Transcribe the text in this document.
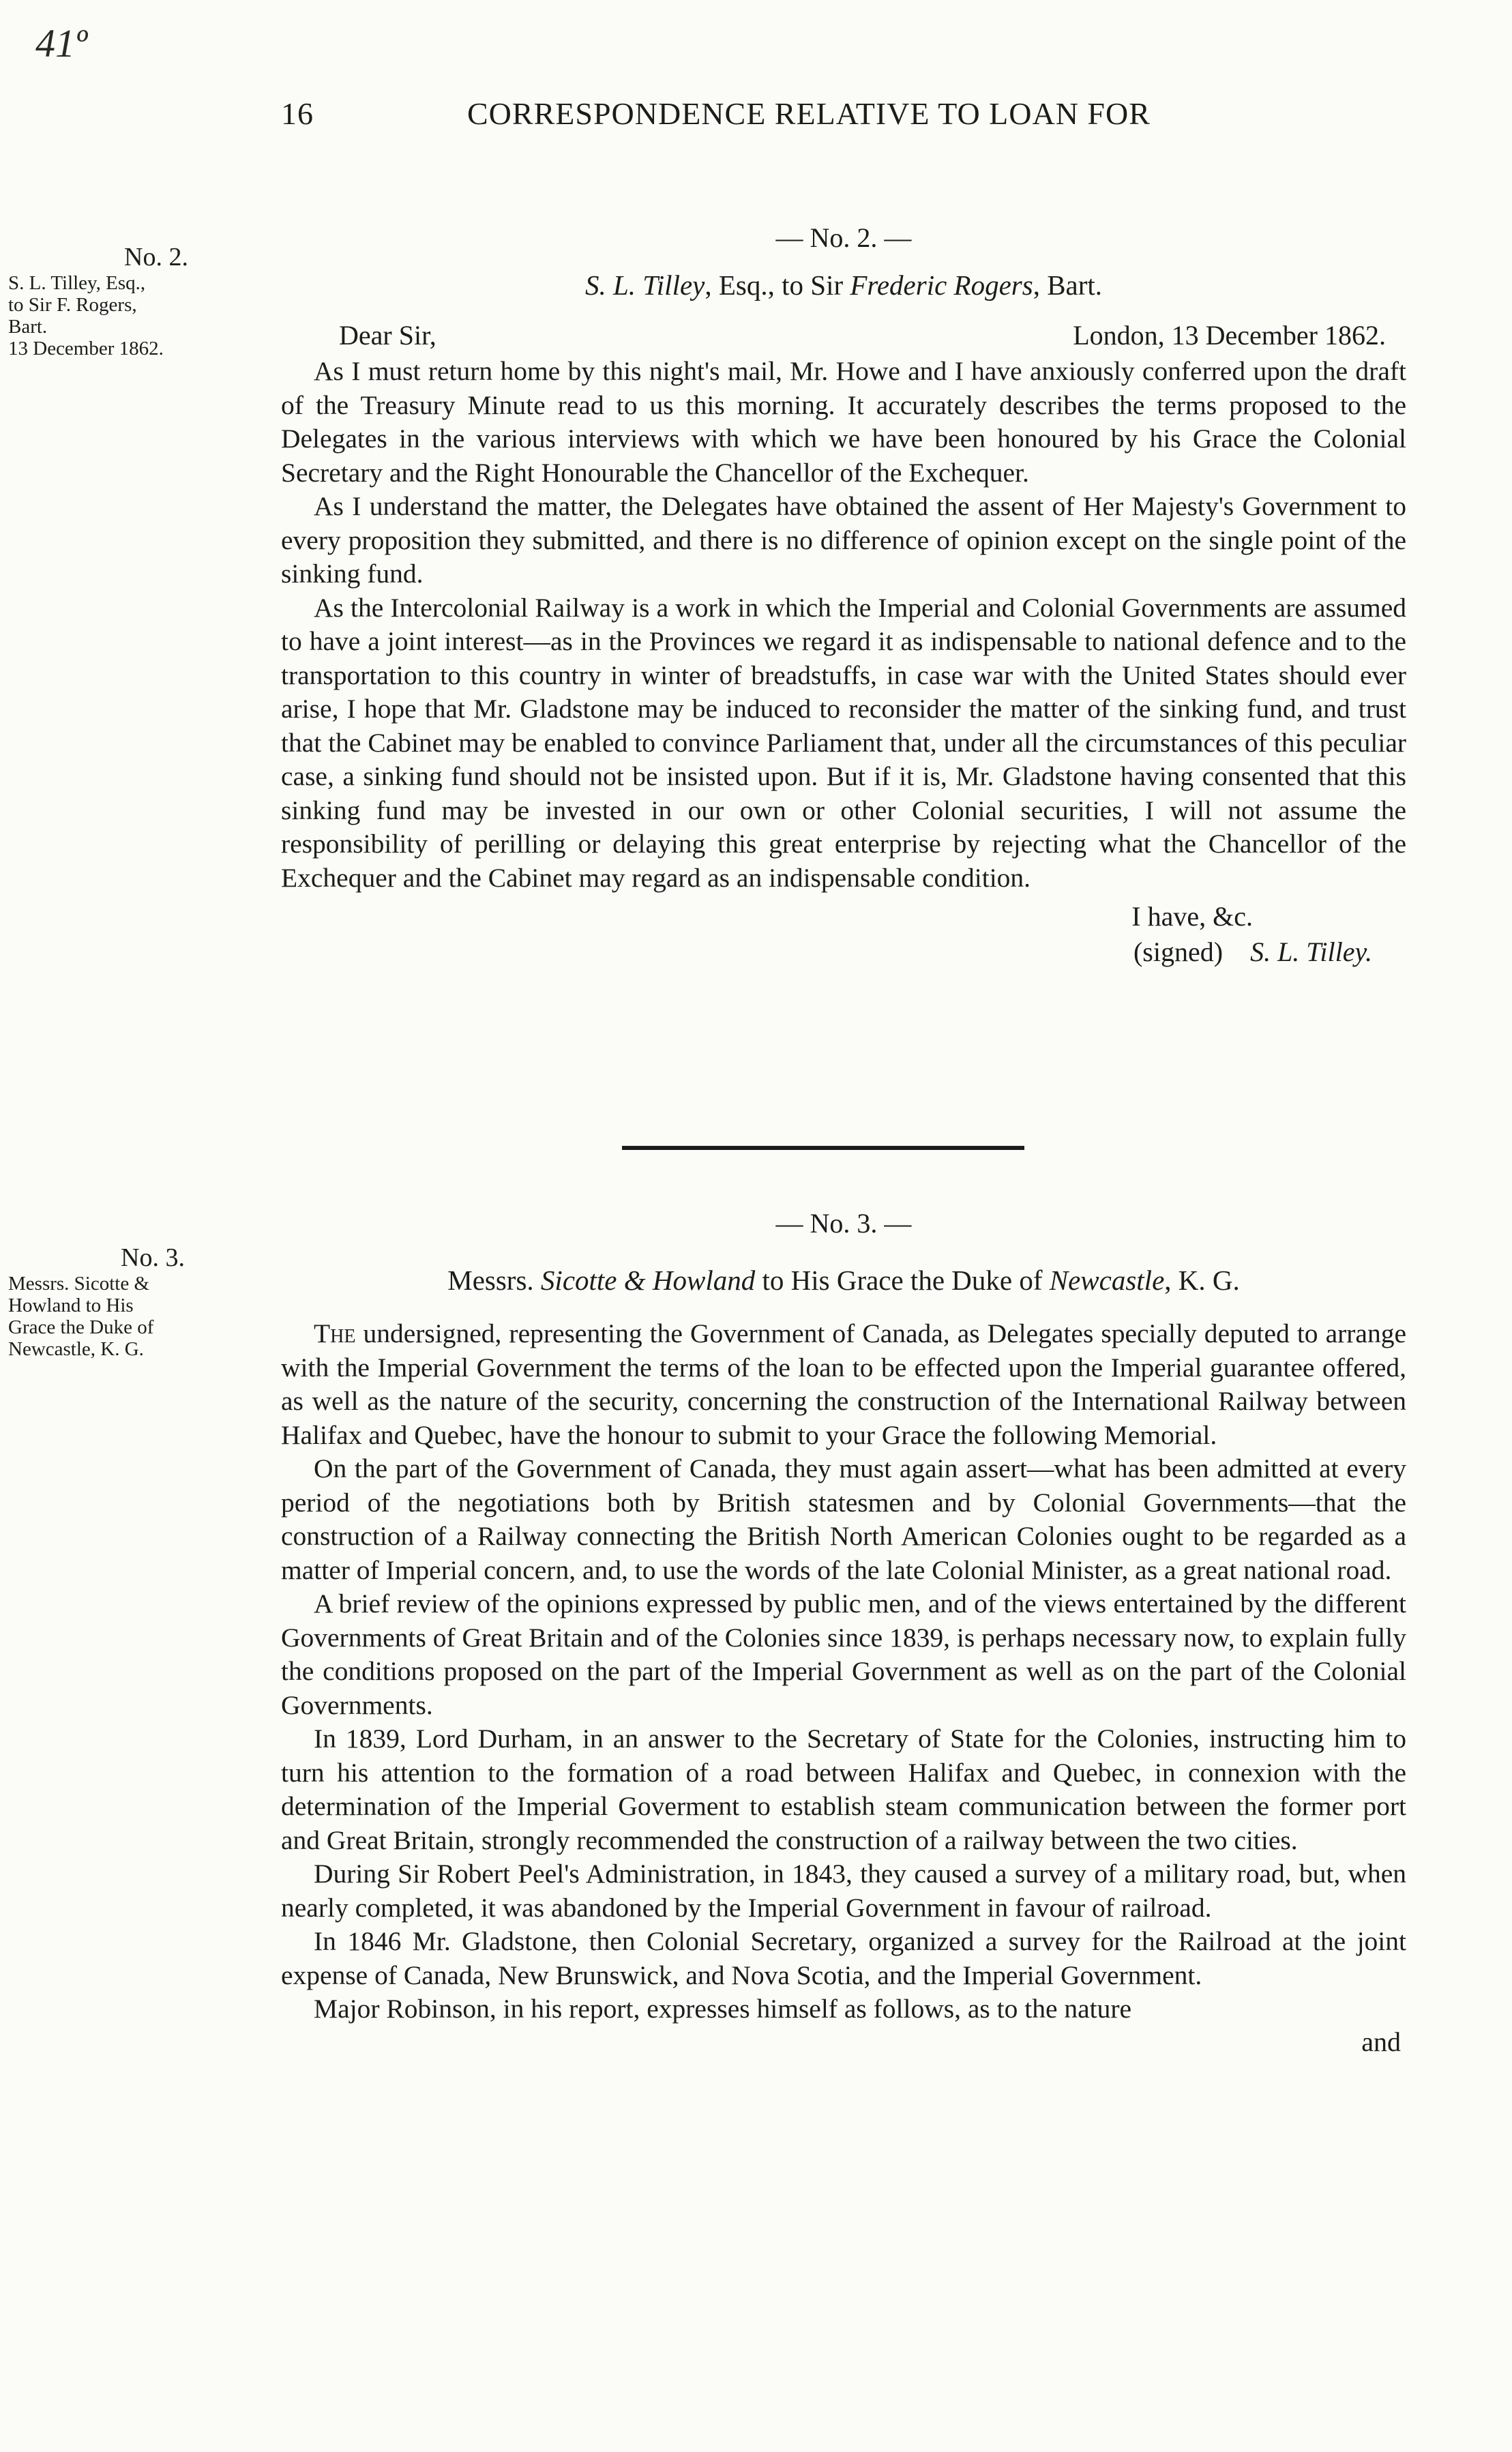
41º
16	CORRESPONDENCE RELATIVE TO LOAN FOR
No. 2.
S. L. Tilley, Esq.,
to Sir F. Rogers,
Bart.
13 December 1862.
— No. 2. —
S. L. Tilley, Esq., to Sir Frederic Rogers, Bart.
Dear Sir,	London, 13 December 1862.

As I must return home by this night's mail, Mr. Howe and I have anxiously conferred upon the draft of the Treasury Minute read to us this morning. It accurately describes the terms proposed to the Delegates in the various interviews with which we have been honoured by his Grace the Colonial Secretary and the Right Honourable the Chancellor of the Exchequer.

As I understand the matter, the Delegates have obtained the assent of Her Majesty's Government to every proposition they submitted, and there is no difference of opinion except on the single point of the sinking fund.

As the Intercolonial Railway is a work in which the Imperial and Colonial Governments are assumed to have a joint interest—as in the Provinces we regard it as indispensable to national defence and to the transportation to this country in winter of breadstuffs, in case war with the United States should ever arise, I hope that Mr. Gladstone may be induced to reconsider the matter of the sinking fund, and trust that the Cabinet may be enabled to convince Parliament that, under all the circumstances of this peculiar case, a sinking fund should not be insisted upon. But if it is, Mr. Gladstone having consented that this sinking fund may be invested in our own or other Colonial securities, I will not assume the responsibility of perilling or delaying this great enterprise by rejecting what the Chancellor of the Exchequer and the Cabinet may regard as an indispensable condition.

I have, &c.
(signed) S. L. Tilley.
No. 3.
Messrs. Sicotte &
Howland to His
Grace the Duke of
Newcastle, K. G.
— No. 3. —
Messrs. Sicotte & Howland to His Grace the Duke of Newcastle, K. G.

The undersigned, representing the Government of Canada, as Delegates specially deputed to arrange with the Imperial Government the terms of the loan to be effected upon the Imperial guarantee offered, as well as the nature of the security, concerning the construction of the International Railway between Halifax and Quebec, have the honour to submit to your Grace the following Memorial.

On the part of the Government of Canada, they must again assert—what has been admitted at every period of the negotiations both by British statesmen and by Colonial Governments—that the construction of a Railway connecting the British North American Colonies ought to be regarded as a matter of Imperial concern, and, to use the words of the late Colonial Minister, as a great national road.

A brief review of the opinions expressed by public men, and of the views entertained by the different Governments of Great Britain and of the Colonies since 1839, is perhaps necessary now, to explain fully the conditions proposed on the part of the Imperial Government as well as on the part of the Colonial Governments.

In 1839, Lord Durham, in an answer to the Secretary of State for the Colonies, instructing him to turn his attention to the formation of a road between Halifax and Quebec, in connexion with the determination of the Imperial Goverment to establish steam communication between the former port and Great Britain, strongly recommended the construction of a railway between the two cities.

During Sir Robert Peel's Administration, in 1843, they caused a survey of a military road, but, when nearly completed, it was abandoned by the Imperial Government in favour of railroad.

In 1846 Mr. Gladstone, then Colonial Secretary, organized a survey for the Railroad at the joint expense of Canada, New Brunswick, and Nova Scotia, and the Imperial Government.

Major Robinson, in his report, expresses himself as follows, as to the nature

and
